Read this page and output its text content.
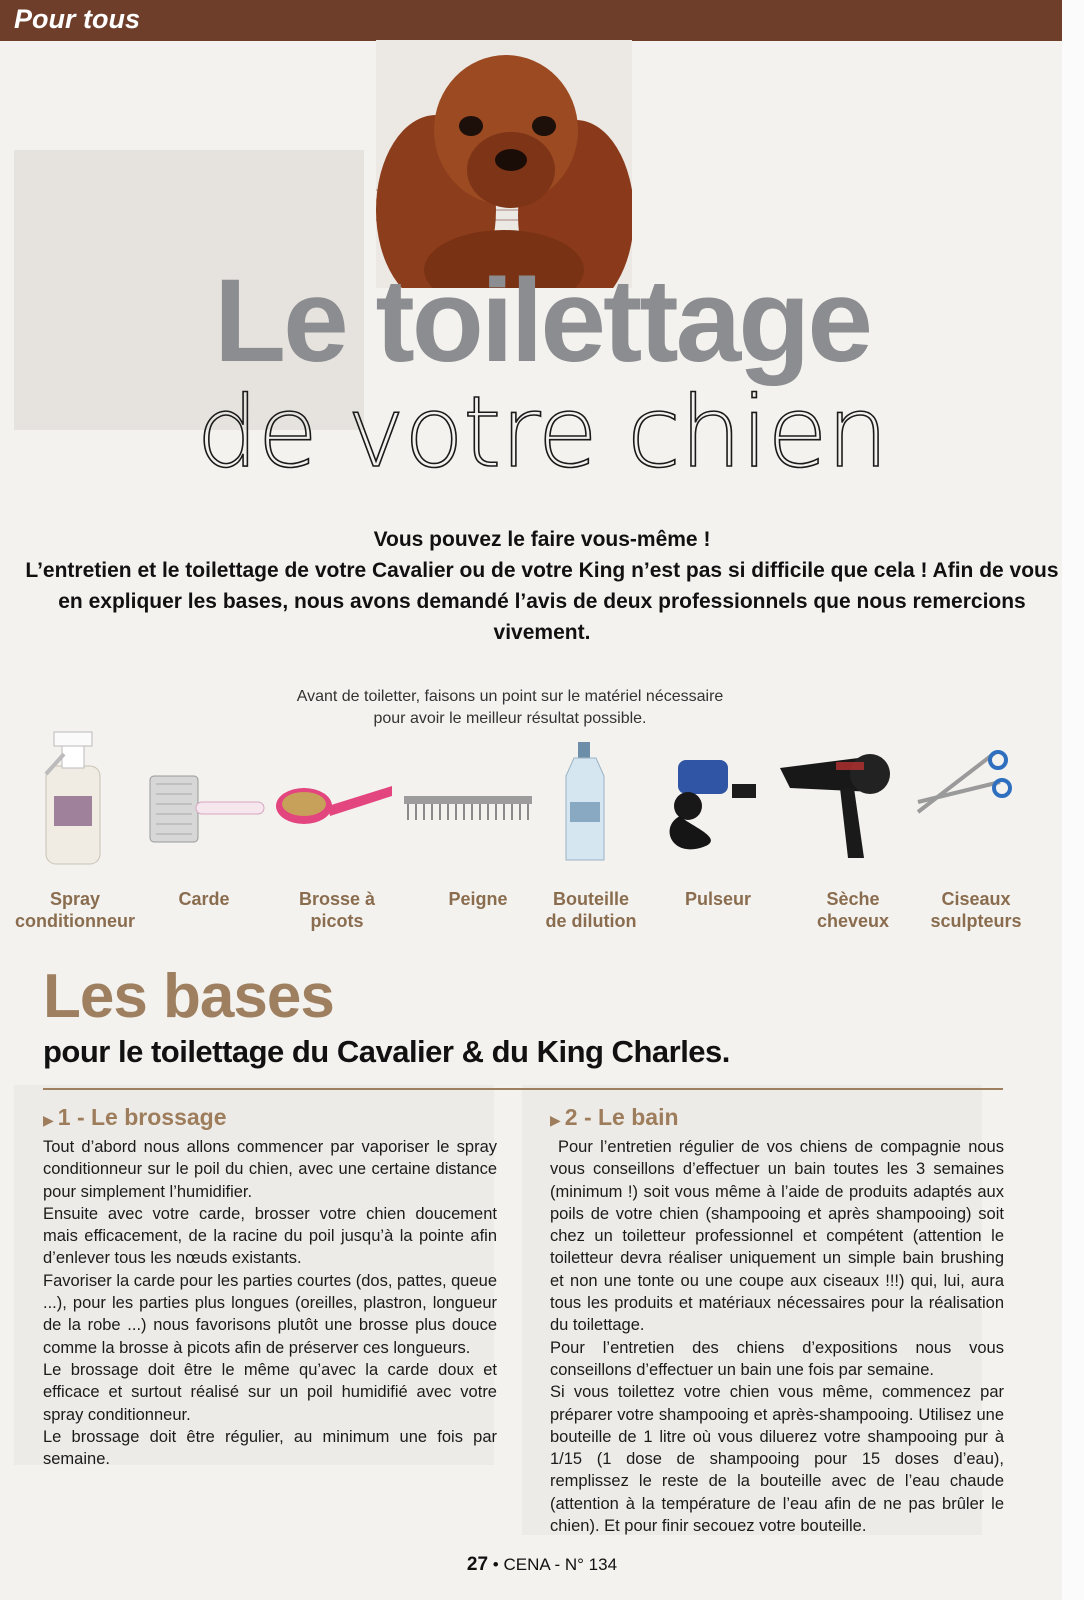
Pour tous
Le toilettage
de votre chien
Vous pouvez le faire vous-même !
L’entretien et le toilettage de votre Cavalier ou de votre King n’est pas si difficile que cela ! Afin de vous en expliquer les bases, nous avons demandé l’avis de deux professionnels que nous remercions vivement.
Avant de toiletter, faisons un point sur le matériel nécessaire
pour avoir le meilleur résultat possible.
Spray
conditionneur
Carde	Brosse à picots
Peigne	Bouteille
de dilution
Pulseur	Sèche
cheveux
Ciseaux
sculpteurs
Les bases
pour le toilettage du Cavalier & du King Charles.
▶ 1 - Le brossage

Tout d’abord nous allons commencer par vaporiser le spray conditionneur sur le poil du chien, avec une certaine distance pour simplement l’humidifier.

Ensuite avec votre carde, brosser votre chien doucement mais efficacement, de la racine du poil jusqu’à la pointe afin d’enlever tous les nœuds existants.

Favoriser la carde pour les parties courtes (dos, pattes, queue ...), pour les parties plus longues (oreilles, plastron, longueur de la robe ...) nous favorisons plutôt une brosse plus douce comme la brosse à picots afin de préserver ces longueurs.

Le brossage doit être le même qu’avec la carde doux et efficace et surtout réalisé sur un poil humidifié avec votre spray conditionneur.

Le brossage doit être régulier, au minimum une fois par semaine.

▶ 2 - Le bain

Pour l’entretien régulier de vos chiens de compagnie nous vous conseillons d’effectuer un bain toutes les 3 semaines (minimum !) soit vous même à l’aide de produits adaptés aux poils de votre chien (shampooing et après shampooing) soit chez un toiletteur professionnel et compétent (attention le toiletteur devra réaliser uniquement un simple bain brushing et non une tonte ou une coupe aux ciseaux !!!) qui, lui, aura tous les produits et matériaux nécessaires pour la réalisation du toilettage.

Pour l’entretien des chiens d’expositions nous vous conseillons d’effectuer un bain une fois par semaine.

Si vous toilettez votre chien vous même, commencez par préparer votre shampooing et après-shampooing. Utilisez une bouteille de 1 litre où vous diluerez votre shampooing pur à 1/15 (1 dose de shampooing pour 15 doses d’eau), remplissez le reste de la bouteille avec de l’eau chaude (attention à la température de l’eau afin de ne pas brûler le chien). Et pour finir secouez votre bouteille.

27 • CENA - N° 134
